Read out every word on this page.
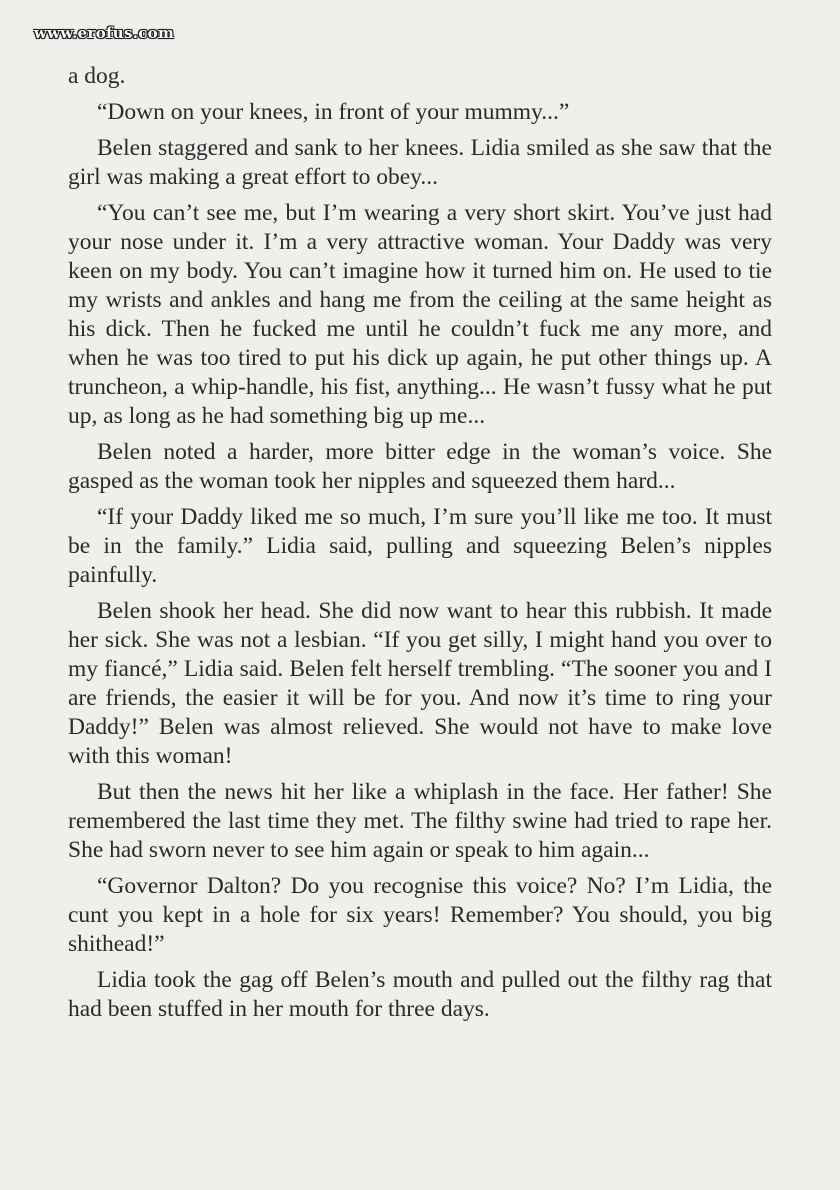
www.erofus.com

a dog.

“Down on your knees, in front of your mummy...”

Belen staggered and sank to her knees. Lidia smiled as she saw that the girl was making a great effort to obey...

“You can’t see me, but I’m wearing a very short skirt. You’ve just had your nose under it. I’m a very attractive woman. Your Daddy was very keen on my body. You can’t imagine how it turned him on. He used to tie my wrists and ankles and hang me from the ceiling at the same height as his dick. Then he fucked me until he couldn’t fuck me any more, and when he was too tired to put his dick up again, he put other things up. A truncheon, a whip-handle, his fist, anything... He wasn’t fussy what he put up, as long as he had something big up me...

Belen noted a harder, more bitter edge in the woman’s voice. She gasped as the woman took her nipples and squeezed them hard...

“If your Daddy liked me so much, I’m sure you’ll like me too. It must be in the family.” Lidia said, pulling and squeezing Belen’s nipples painfully.

Belen shook her head. She did now want to hear this rubbish. It made her sick. She was not a lesbian. “If you get silly, I might hand you over to my fiancé,” Lidia said. Belen felt herself trembling. “The sooner you and I are friends, the easier it will be for you. And now it’s time to ring your Daddy!” Belen was almost relieved. She would not have to make love with this woman!

But then the news hit her like a whiplash in the face. Her father! She remembered the last time they met. The filthy swine had tried to rape her. She had sworn never to see him again or speak to him again...

“Governor Dalton? Do you recognise this voice? No? I’m Lidia, the cunt you kept in a hole for six years! Remember? You should, you big shithead!”

Lidia took the gag off Belen’s mouth and pulled out the filthy rag that had been stuffed in her mouth for three days.
